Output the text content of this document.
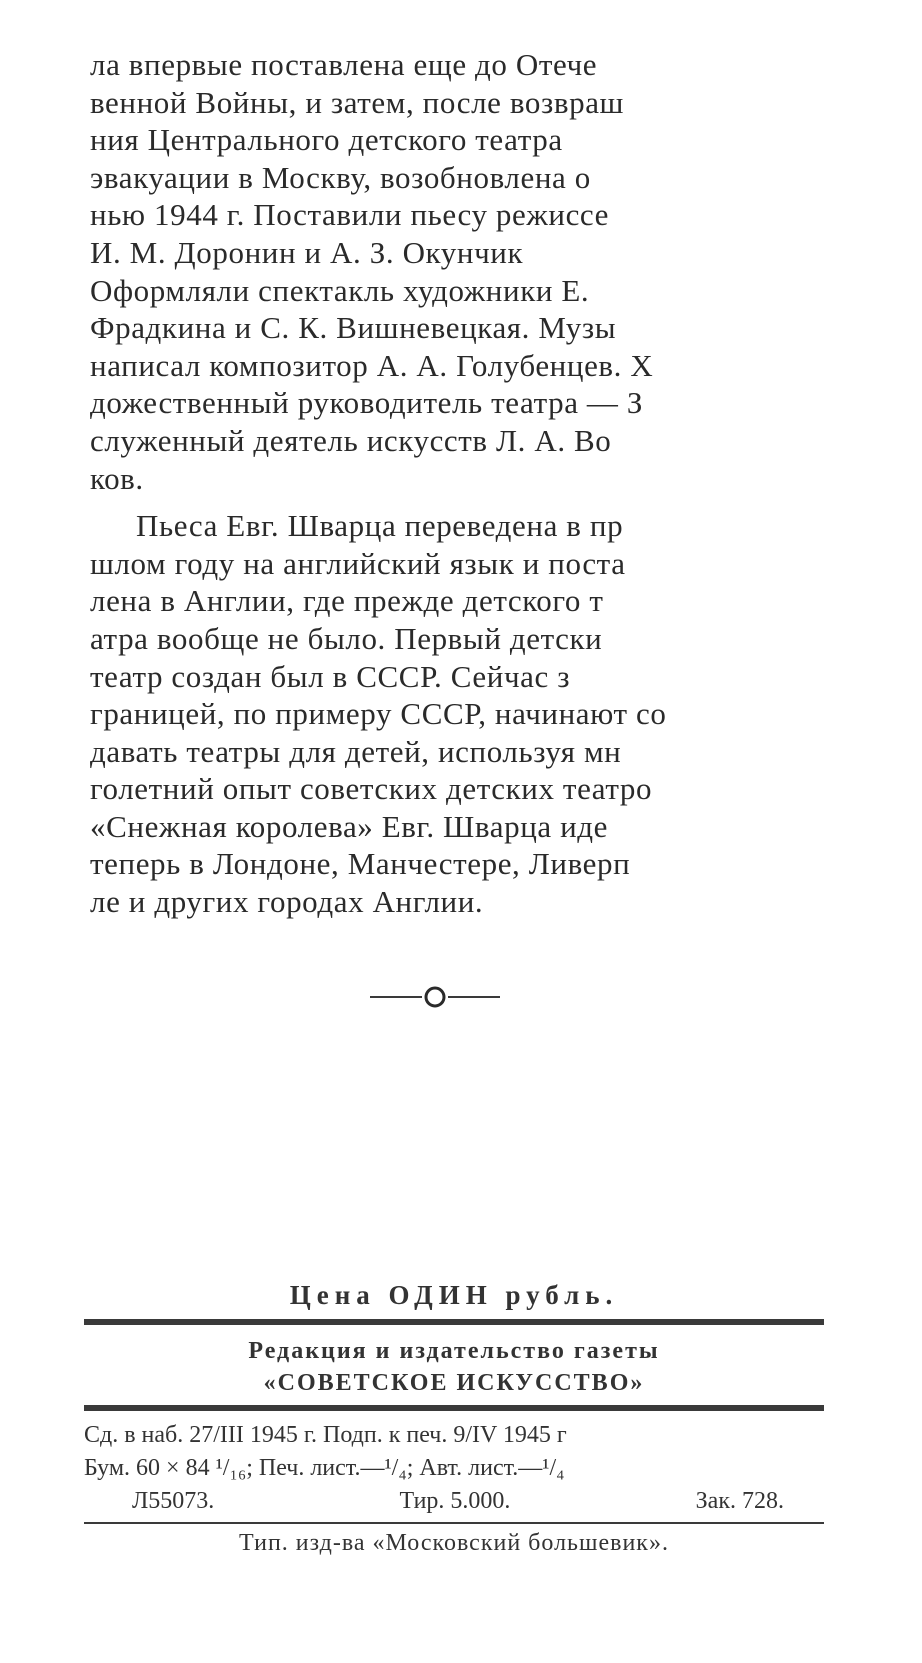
ла впервые поставлена еще до Отече
венной Войны, и затем, после возвраш
ния Центрального детского театра
эвакуации в Москву, возобновлена о
нью 1944 г. Поставили пьесу режиссе
И. М. Доронин и А. З. Окунчик
Оформляли спектакль художники Е.
Фрадкина и С. К. Вишневецкая. Музы
написал композитор А. А. Голубенцев. Х
дожественный руководитель театра — З
служенный деятель искусств Л. А. Во
ков.

Пьеса Евг. Шварца переведена в пр
шлом году на английский язык и поста
лена в Англии, где прежде детского т
атра вообще не было. Первый детски
театр создан был в СССР. Сейчас з
границей, по примеру СССР, начинают со
давать театры для детей, используя мн
голетний опыт советских детских театро
«Снежная королева» Евг. Шварца иде
теперь в Лондоне, Манчестере, Ливерп
ле и других городах Англии.

Цена ОДИН рубль.
Редакция и издательство газеты
«СОВЕТСКОЕ ИСКУССТВО»
Сд. в наб. 27/III 1945 г. Подп. к печ. 9/IV 1945 г
Бум. 60 × 84 ¹/₁₆; Печ. лист.—¹/₄; Авт. лист.—¹/₄
Л55073.	Тир. 5.000.	Зак. 728.
Тип. изд-ва «Московский большевик».
